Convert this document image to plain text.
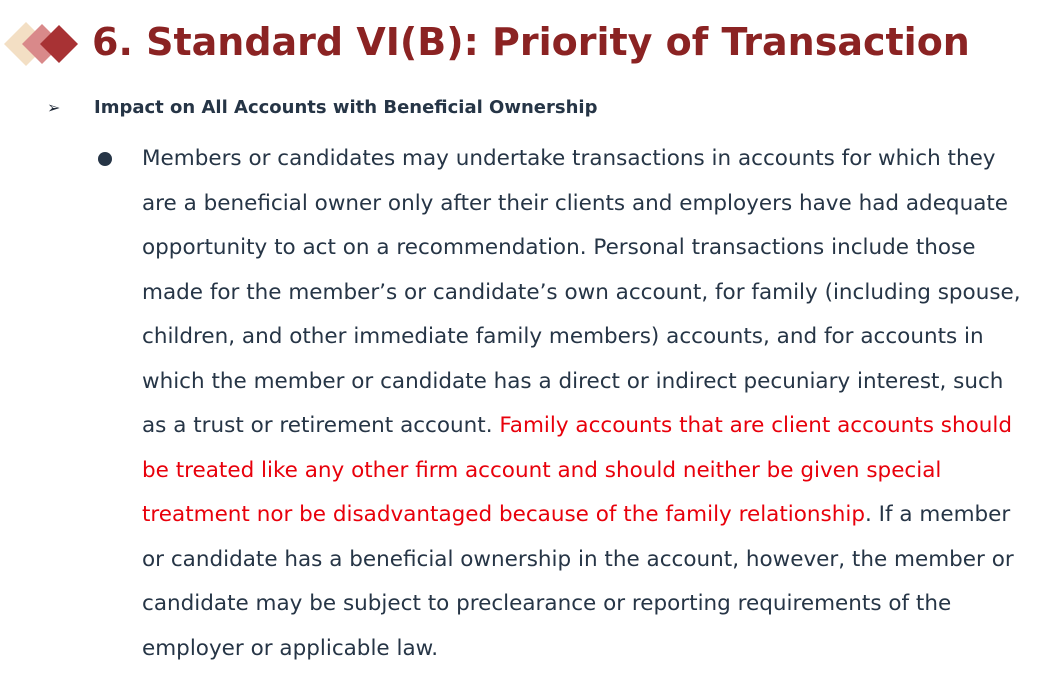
6. Standard VI(B): Priority of Transaction
➢ Impact on All Accounts with Beneficial Ownership

Members or candidates may undertake transactions in accounts for which they are a beneficial owner only after their clients and employers have had adequate opportunity to act on a recommendation. Personal transactions include those made for the member’s or candidate’s own account, for family (including spouse, children, and other immediate family members) accounts, and for accounts in which the member or candidate has a direct or indirect pecuniary interest, such as a trust or retirement account. Family accounts that are client accounts should be treated like any other firm account and should neither be given special treatment nor be disadvantaged because of the family relationship. If a member or candidate has a beneficial ownership in the account, however, the member or candidate may be subject to preclearance or reporting requirements of the employer or applicable law.
